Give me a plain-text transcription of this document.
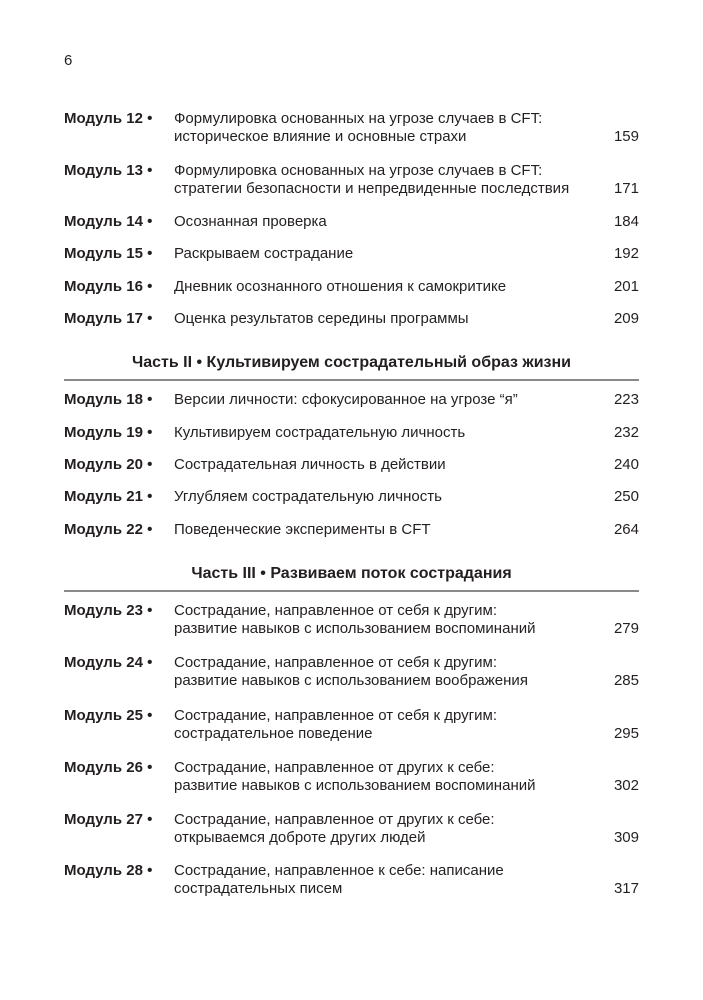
6
Модуль 12 • Формулировка основанных на угрозе случаев в CFT:
историческое влияние и основные страхи	159
Модуль 13 • Формулировка основанных на угрозе случаев в CFT:
стратегии безопасности и непредвиденные последствия	171
Модуль 14 • Осознанная проверка	184
Модуль 15 • Раскрываем сострадание	192
Модуль 16 • Дневник осознанного отношения к самокритике	201
Модуль 17 • Оценка результатов середины программы	209
Часть II • Культивируем сострадательный образ жизни
Модуль 18 • Версии личности: сфокусированное на угрозе “я”	223
Модуль 19 • Культивируем сострадательную личность	232
Модуль 20 • Сострадательная личность в действии	240
Модуль 21 • Углубляем сострадательную личность	250
Модуль 22 • Поведенческие эксперименты в CFT	264
Часть III • Развиваем поток сострадания
Модуль 23 • Сострадание, направленное от себя к другим:
развитие навыков с использованием воспоминаний	279
Модуль 24 • Сострадание, направленное от себя к другим:
развитие навыков с использованием воображения	285
Модуль 25 • Сострадание, направленное от себя к другим:
сострадательное поведение	295
Модуль 26 • Сострадание, направленное от других к себе:
развитие навыков с использованием воспоминаний	302
Модуль 27 • Сострадание, направленное от других к себе:
открываемся доброте других людей	309
Модуль 28 • Сострадание, направленное к себе: написание
сострадательных писем	317
